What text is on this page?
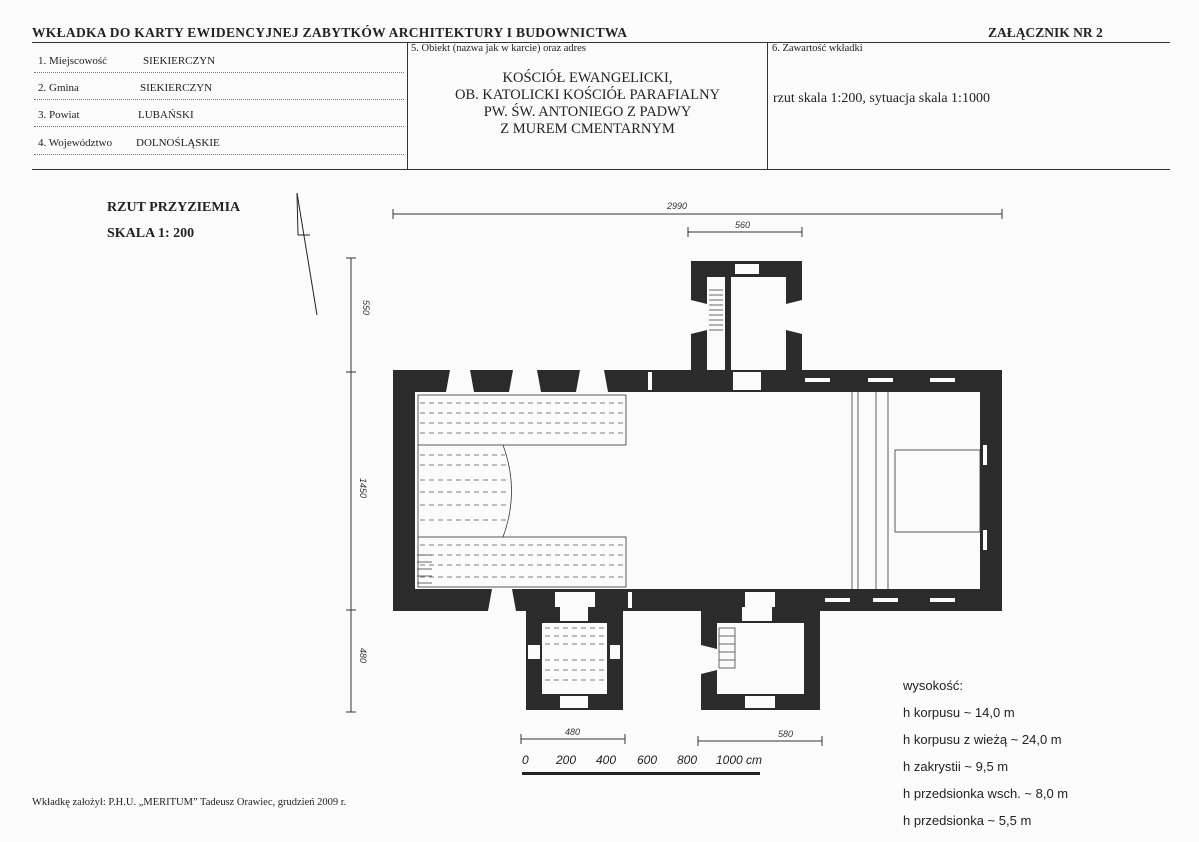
WKŁADKA DO KARTY EWIDENCYJNEJ ZABYTKÓW ARCHITEKTURY I BUDOWNICTWA	ZAŁĄCZNIK NR 2
1. Miejscowość	SIEKIERCZYN
2. Gmina	SIEKIERCZYN
3. Powiat	LUBAŃSKI
4. Województwo DOLNOŚLĄSKIE
5. Obiekt (nazwa jak w karcie) oraz adres
KOŚCIÓŁ EWANGELICKI,
OB. KATOLICKI KOŚCIÓŁ PARAFIALNY
PW. ŚW. ANTONIEGO Z PADWY
Z MUREM CMENTARNYM
6. Zawartość wkładki
rzut skala 1:200, sytuacja skala 1:1000
RZUT PRZYZIEMIA
SKALA 1: 200
2990
560
550
1450
480
480	580
0 200 400 600 800 1000 cm
wysokość:
h korpusu ~ 14,0 m
h korpusu z wieżą ~ 24,0 m
h zakrystii ~ 9,5 m
h przedsionka wsch. ~ 8,0 m
h przedsionka ~ 5,5 m
Wkładkę założył: P.H.U. „MERITUM” Tadeusz Orawiec, grudzień 2009 r.
